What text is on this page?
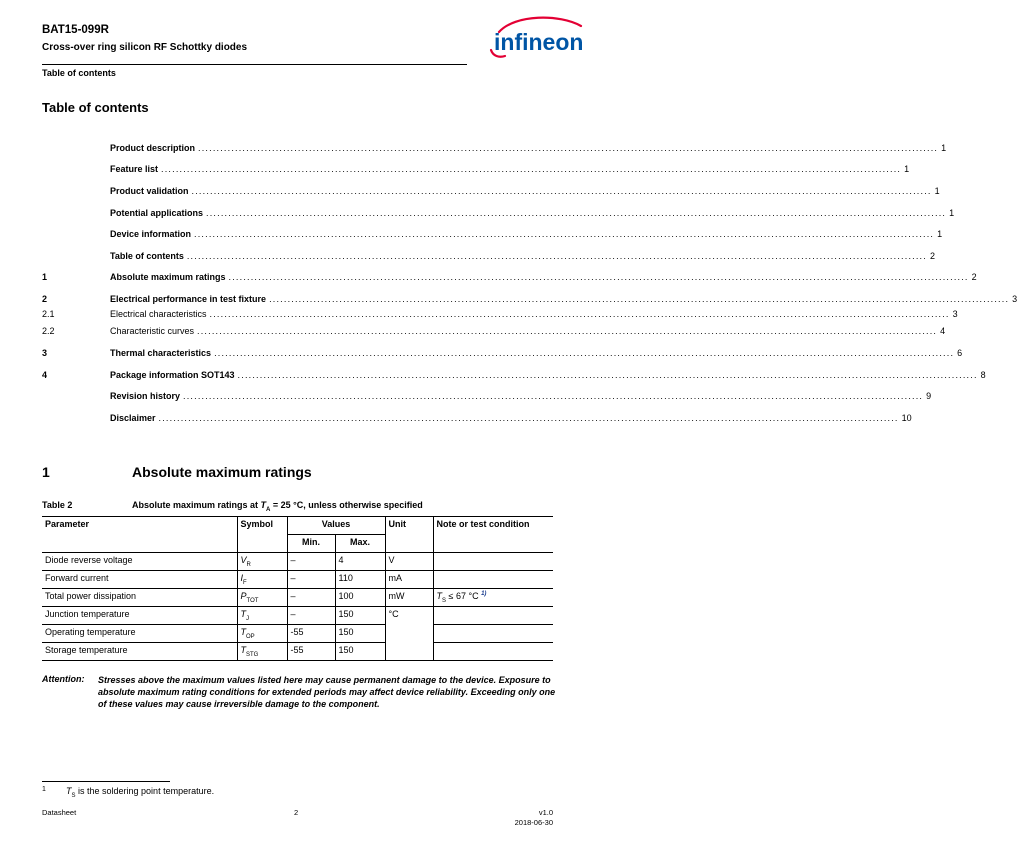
BAT15-099R
Cross-over ring silicon RF Schottky diodes
Table of contents
infineon
Table of contents
Product description ........................................................................................................................................................................................................ 1
Feature list ........................................................................................................................................................................................................ 1
Product validation ........................................................................................................................................................................................................ 1
Potential applications ........................................................................................................................................................................................................ 1
Device information ........................................................................................................................................................................................................ 1
Table of contents ........................................................................................................................................................................................................ 2
1	Absolute maximum ratings ........................................................................................................................................................................................................ 2
2	Electrical performance in test fixture ........................................................................................................................................................................................................ 3
2.1	Electrical characteristics ........................................................................................................................................................................................................ 3
2.2	Characteristic curves ........................................................................................................................................................................................................ 4
3	Thermal characteristics ........................................................................................................................................................................................................ 6
4	Package information SOT143 ........................................................................................................................................................................................................ 8
Revision history ........................................................................................................................................................................................................ 9
Disclaimer ........................................................................................................................................................................................................ 10
1	Absolute maximum ratings
Table 2	Absolute maximum ratings at $T_A = 25$ °C, unless otherwise specified
Parameter	Symbol	Values		Unit	Note or test condition
		Min.	Max.		
Diode reverse voltage	$V_R$	–	4	V	
Forward current	$I_F$	–	110	mA	
Total power dissipation	$P_{TOT}$	–	100	mW	$T_S \le 67$ °C $^{1)}$
Junction temperature	$T_J$	–	150	°C	
Operating temperature	$T_{OP}$	-55	150		
Storage temperature	$T_{STG}$	-55	150		
Attention: Stresses above the maximum values listed here may cause permanent damage to the device. Exposure to absolute maximum rating conditions for extended periods may affect device reliability. Exceeding only one of these values may cause irreversible damage to the component.
1 $T_S$ is the soldering point temperature.
Datasheet	2	v1.0
2018-06-30
